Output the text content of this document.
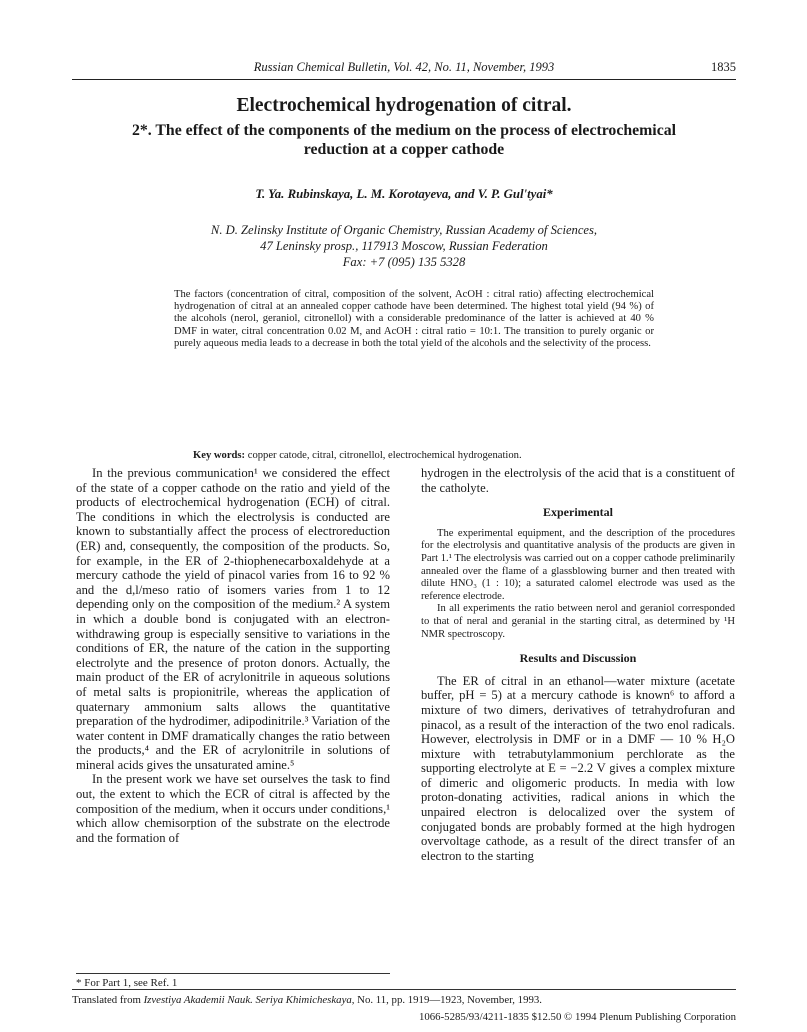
Russian Chemical Bulletin, Vol. 42, No. 11, November, 1993	1835
Electrochemical hydrogenation of citral.
2*. The effect of the components of the medium on the process of electrochemical
reduction at a copper cathode
T. Ya. Rubinskaya, L. M. Korotayeva, and V. P. Gul'tyai*
N. D. Zelinsky Institute of Organic Chemistry, Russian Academy of Sciences,
47 Leninsky prosp., 117913 Moscow, Russian Federation
Fax: +7 (095) 135 5328
The factors (concentration of citral, composition of the solvent, AcOH : citral ratio) affecting electrochemical hydrogenation of citral at an annealed copper cathode have been determined. The highest total yield (94 %) of the alcohols (nerol, geraniol, citronellol) with a considerable predominance of the latter is achieved at 40 % DMF in water, citral concentration 0.02 M, and AcOH : citral ratio = 10:1. The transition to purely organic or purely aqueous media leads to a decrease in both the total yield of the alcohols and the selectivity of the process.
Key words: copper catode, citral, citronellol, electrochemical hydrogenation.

In the previous communication¹ we considered the effect of the state of a copper cathode on the ratio and yield of the products of electrochemical hydrogenation (ECH) of citral. The conditions in which the electrolysis is conducted are known to substantially affect the process of electroreduction (ER) and, consequently, the composition of the products. So, for example, in the ER of 2-thiophenecarboxaldehyde at a mercury cathode the yield of pinacol varies from 16 to 92 % and the d,l/meso ratio of isomers varies from 1 to 12 depending only on the composition of the medium.² A system in which a double bond is conjugated with an electron-withdrawing group is especially sensitive to variations in the conditions of ER, the nature of the cation in the supporting electrolyte and the presence of proton donors. Actually, the main product of the ER of acrylonitrile in aqueous solutions of metal salts is propionitrile, whereas the application of quaternary ammonium salts allows the quantitative preparation of the hydrodimer, adipodinitrile.³ Variation of the water content in DMF dramatically changes the ratio between the products,⁴ and the ER of acrylonitrile in solutions of mineral acids gives the unsaturated amine.⁵

In the present work we have set ourselves the task to find out, the extent to which the ECR of citral is affected by the composition of the medium, when it occurs under conditions,¹ which allow chemisorption of the substrate on the electrode and the formation of

hydrogen in the electrolysis of the acid that is a constituent of the catholyte.

Experimental

The experimental equipment, and the description of the procedures for the electrolysis and quantitative analysis of the products are given in Part 1.¹ The electrolysis was carried out on a copper cathode preliminarily annealed over the flame of a glassblowing burner and then treated with dilute HNO₃ (1 : 10); a saturated calomel electrode was used as the reference electrode.

In all experiments the ratio between nerol and geraniol corresponded to that of neral and geranial in the starting citral, as determined by ¹H NMR spectroscopy.

Results and Discussion

The ER of citral in an ethanol—water mixture (acetate buffer, pH = 5) at a mercury cathode is known⁶ to afford a mixture of two dimers, derivatives of tetrahydrofuran and pinacol, as a result of the interaction of the two enol radicals. However, electrolysis in DMF or in a DMF — 10 % H₂O mixture with tetrabutylammonium perchlorate as the supporting electrolyte at E = −2.2 V gives a complex mixture of dimeric and oligomeric products. In media with low proton-donating activities, radical anions in which the unpaired electron is delocalized over the system of conjugated bonds are probably formed at the high hydrogen overvoltage cathode, as a result of the direct transfer of an electron to the starting

* For Part 1, see Ref. 1
Translated from Izvestiya Akademii Nauk. Seriya Khimicheskaya, No. 11, pp. 1919—1923, November, 1993.
1066-5285/93/4211-1835 $12.50 © 1994 Plenum Publishing Corporation
